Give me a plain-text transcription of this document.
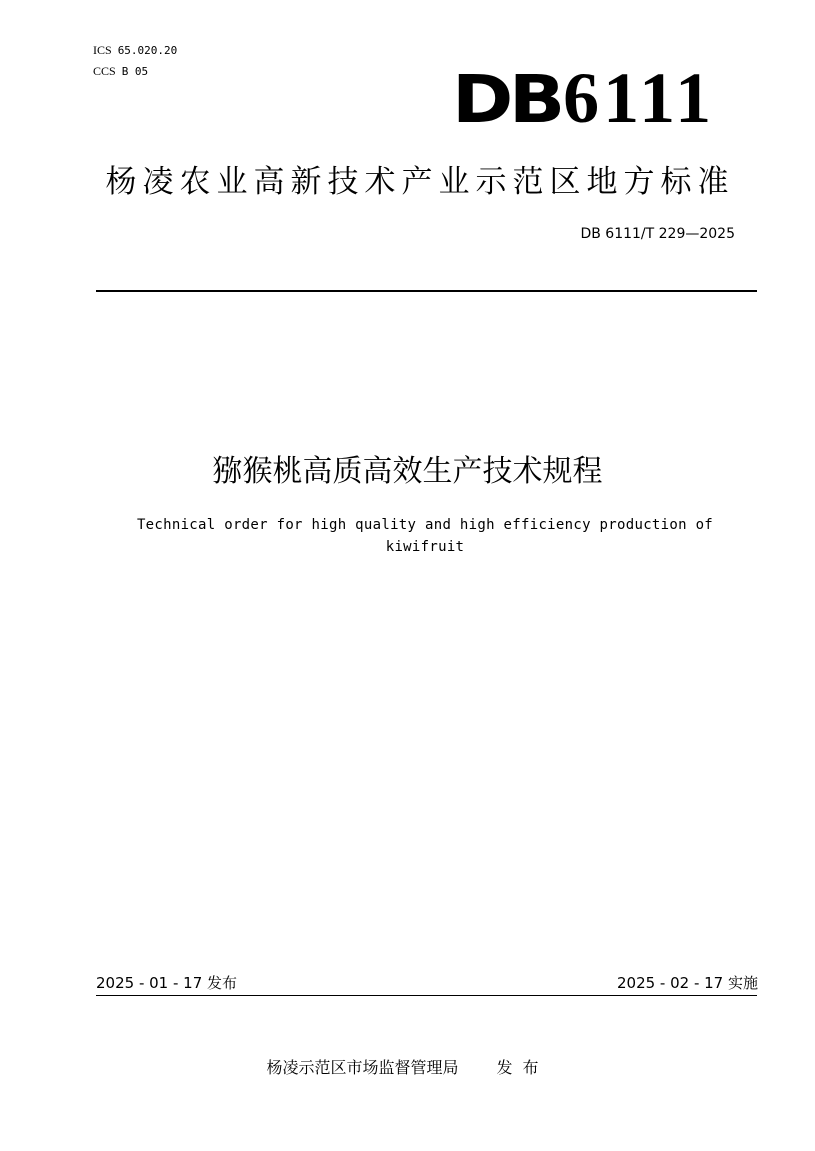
ICS 65.020.20
CCS B 05	DB6111
杨凌农业高新技术产业示范区地方标准
DB 6111/T 229—2025
猕猴桃高质高效生产技术规程
Technical order for high quality and high efficiency production of kiwifruit
2025 - 01 - 17 发布	2025 - 02 - 17 实施
杨凌示范区市场监督管理局 发布
